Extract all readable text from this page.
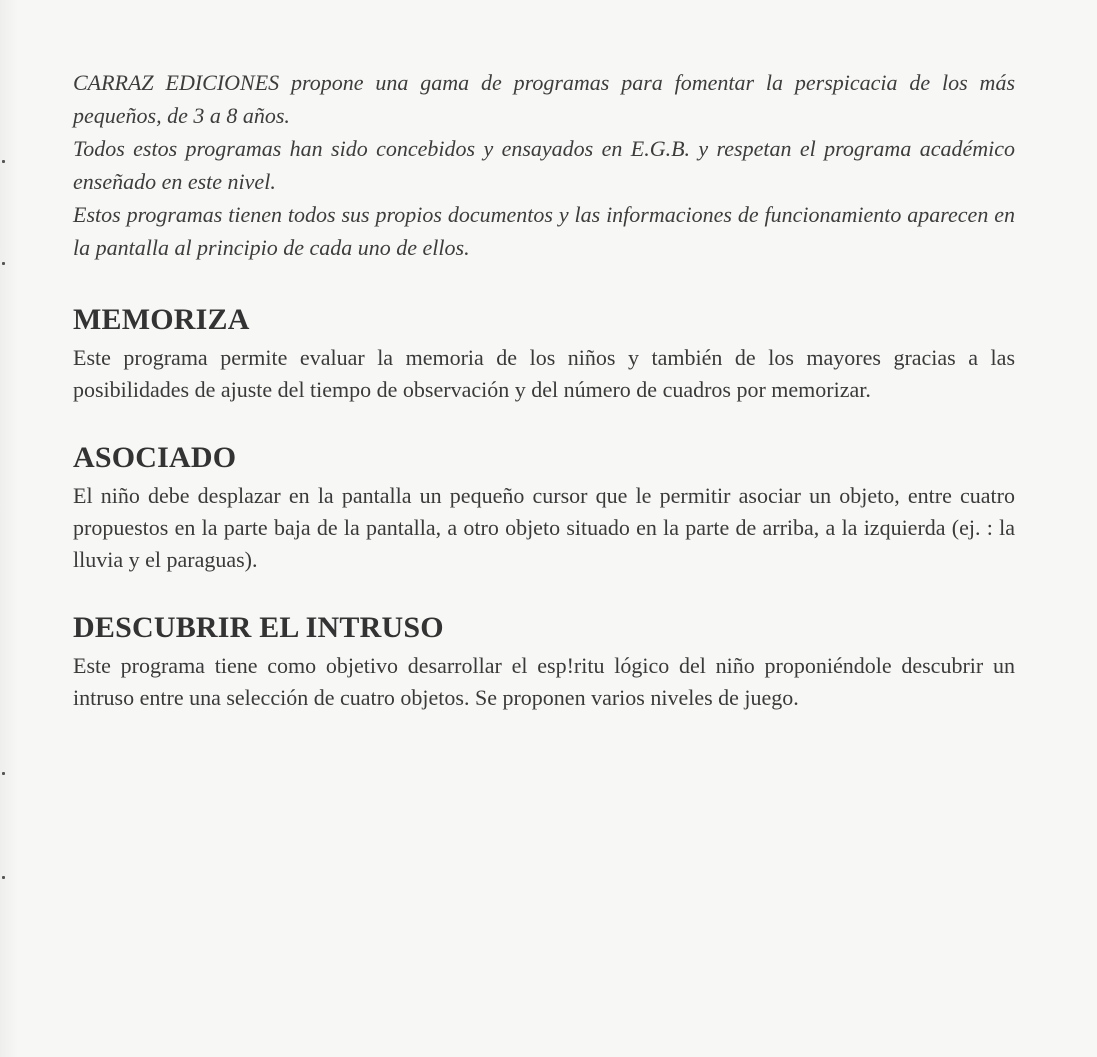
CARRAZ EDICIONES propone una gama de programas para fomentar la perspicacia de los más pequeños, de 3 a 8 años.

Todos estos programas han sido concebidos y ensayados en E.G.B. y respetan el programa académico enseñado en este nivel.

Estos programas tienen todos sus propios documentos y las informaciones de funcionamiento aparecen en la pantalla al principio de cada uno de ellos.

MEMORIZA

Este programa permite evaluar la memoria de los niños y también de los mayores gracias a las posibilidades de ajuste del tiempo de observación y del número de cuadros por memorizar.

ASOCIADO

El niño debe desplazar en la pantalla un pequeño cursor que le permitir asociar un objeto, entre cuatro propuestos en la parte baja de la pantalla, a otro objeto situado en la parte de arriba, a la izquierda (ej. : la lluvia y el paraguas).

DESCUBRIR EL INTRUSO

Este programa tiene como objetivo desarrollar el esp!ritu lógico del niño proponiéndole descubrir un intruso entre una selección de cuatro objetos. Se proponen varios niveles de juego.
